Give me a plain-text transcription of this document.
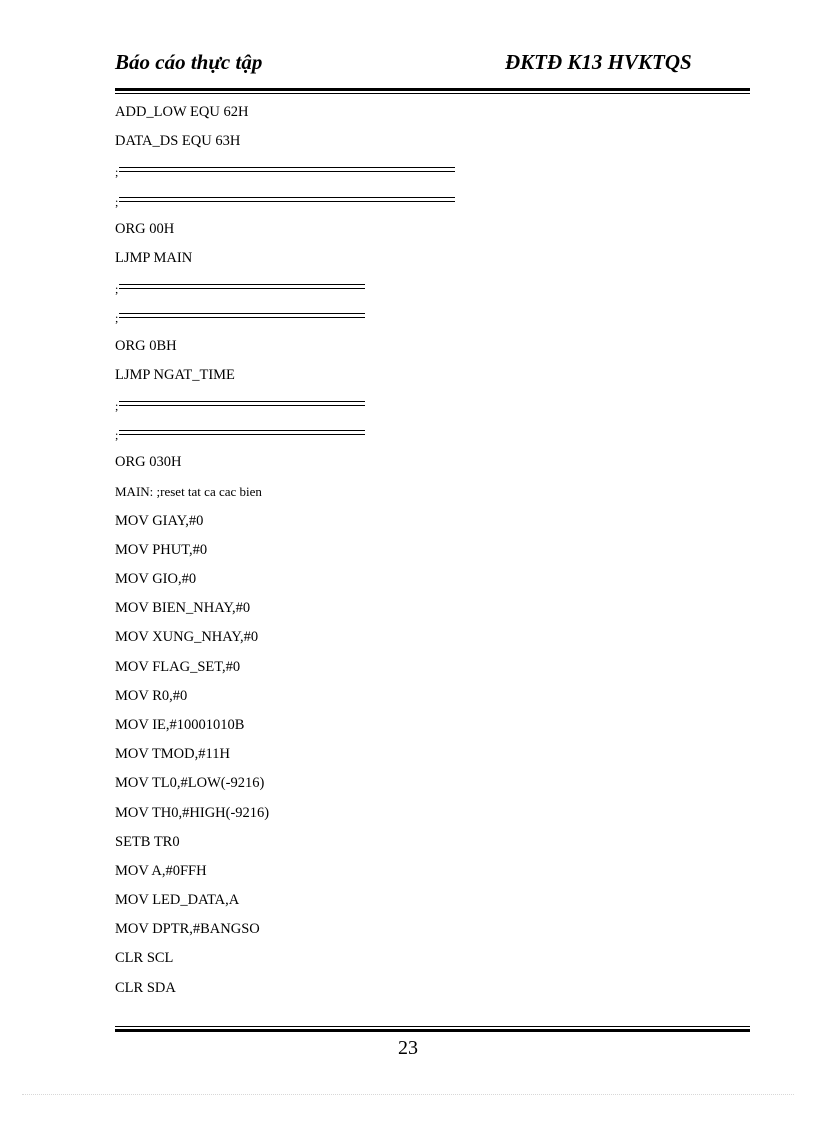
Báo cáo thực tập	ĐKTĐ K13 HVKTQS
ADD_LOW EQU 62H
DATA_DS EQU 63H
;
;
ORG 00H
LJMP MAIN
;
;
ORG 0BH
LJMP NGAT_TIME
;
;
ORG 030H
MAIN: ;reset tat ca cac bien
MOV GIAY,#0
MOV PHUT,#0
MOV GIO,#0
MOV BIEN_NHAY,#0
MOV XUNG_NHAY,#0
MOV FLAG_SET,#0
MOV R0,#0
MOV IE,#10001010B
MOV TMOD,#11H
MOV TL0,#LOW(-9216)
MOV TH0,#HIGH(-9216)
SETB TR0
MOV A,#0FFH
MOV LED_DATA,A
MOV DPTR,#BANGSO
CLR SCL
CLR SDA
23
